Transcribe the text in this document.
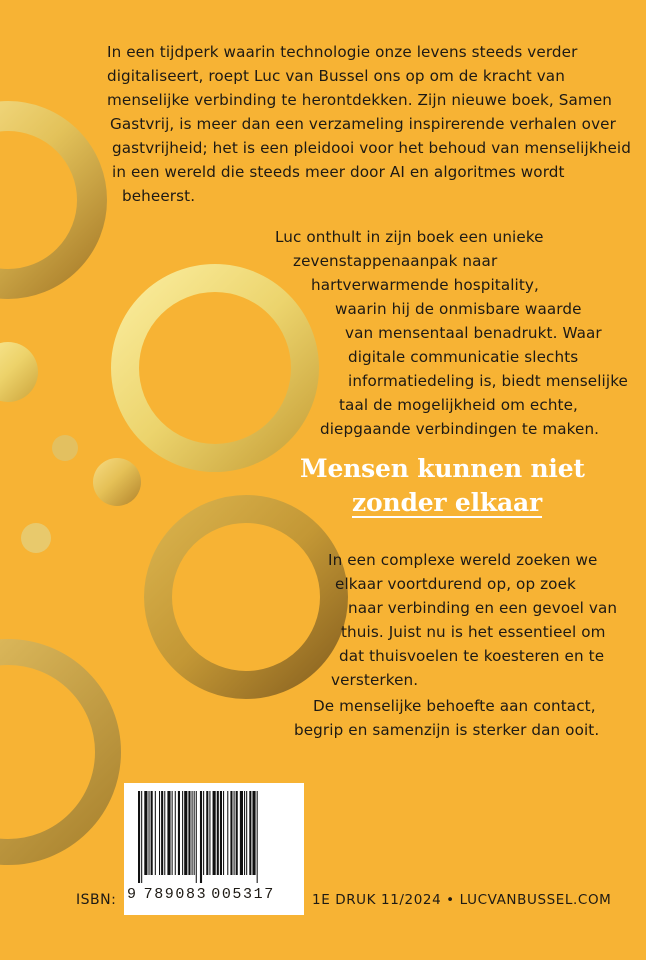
In een tijdperk waarin technologie onze levens steeds verder
digitaliseert, roept Luc van Bussel ons op om de kracht van
menselijke verbinding te herontdekken. Zijn nieuwe boek, Samen
Gastvrij, is meer dan een verzameling inspirerende verhalen over
gastvrijheid; het is een pleidooi voor het behoud van menselijkheid
in een wereld die steeds meer door AI en algoritmes wordt
beheerst.

Luc onthult in zijn boek een unieke
zevenstappenaanpak naar
hartverwarmende hospitality,
waarin hij de onmisbare waarde
van mensentaal benadrukt. Waar
digitale communicatie slechts
informatiedeling is, biedt menselijke
taal de mogelijkheid om echte,
diepgaande verbindingen te maken.

Mensen kunnen niet
zonder elkaar

In een complexe wereld zoeken we
elkaar voortdurend op, op zoek
naar verbinding en een gevoel van
thuis. Juist nu is het essentieel om
dat thuisvoelen te koesteren en te
versterken.

De menselijke behoefte aan contact,
begrip en samenzijn is sterker dan ooit.

9 789083 005317
ISBN:	1E DRUK 11/2024 • LUCVANBUSSEL.COM
